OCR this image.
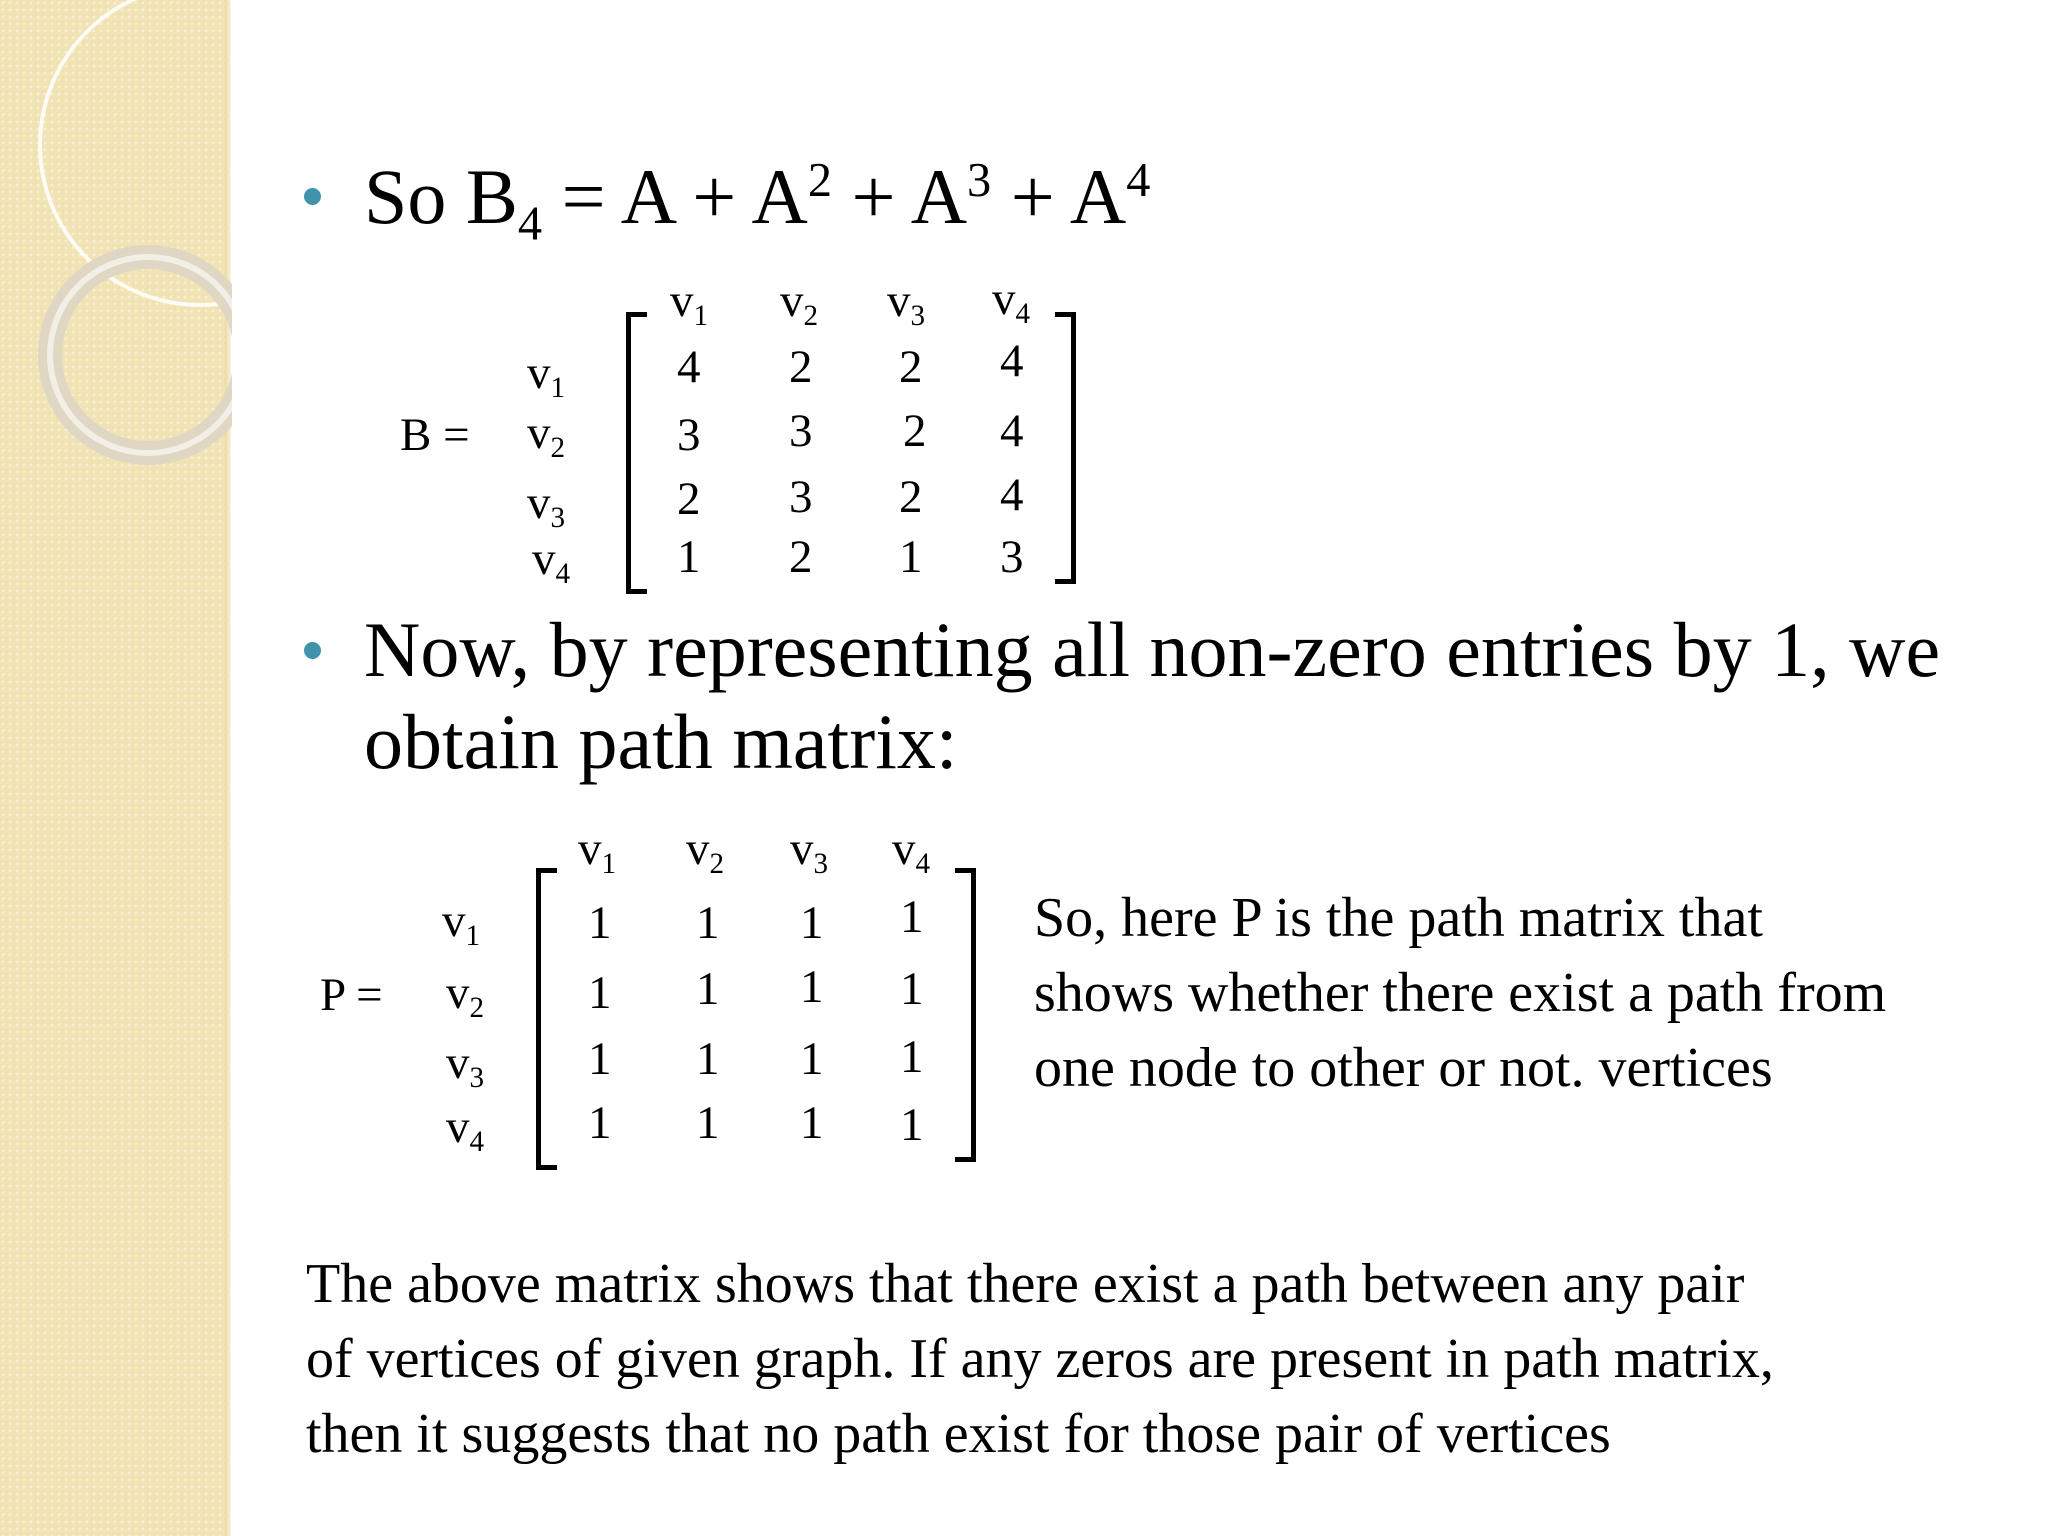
So $B_4 = A + A^2 + A^3 + A^4$
B =
v1 v2 v3 v4
v1
v2
v3
v4
4 2 2 4
3 3 2 4
2 3 2 4
1 2 1 3
Now, by representing all non-zero entries by 1, we
obtain path matrix:
P =
v1 v2 v3 v4
v1
v2
v3
v4
1 1 1 1
1 1 1 1
1 1 1 1
1 1 1 1
So, here P is the path matrix that
shows whether there exist a path from
one node to other or not. vertices
The above matrix shows that there exist a path between any pair
of vertices of given graph. If any zeros are present in path matrix,
then it suggests that no path exist for those pair of vertices
